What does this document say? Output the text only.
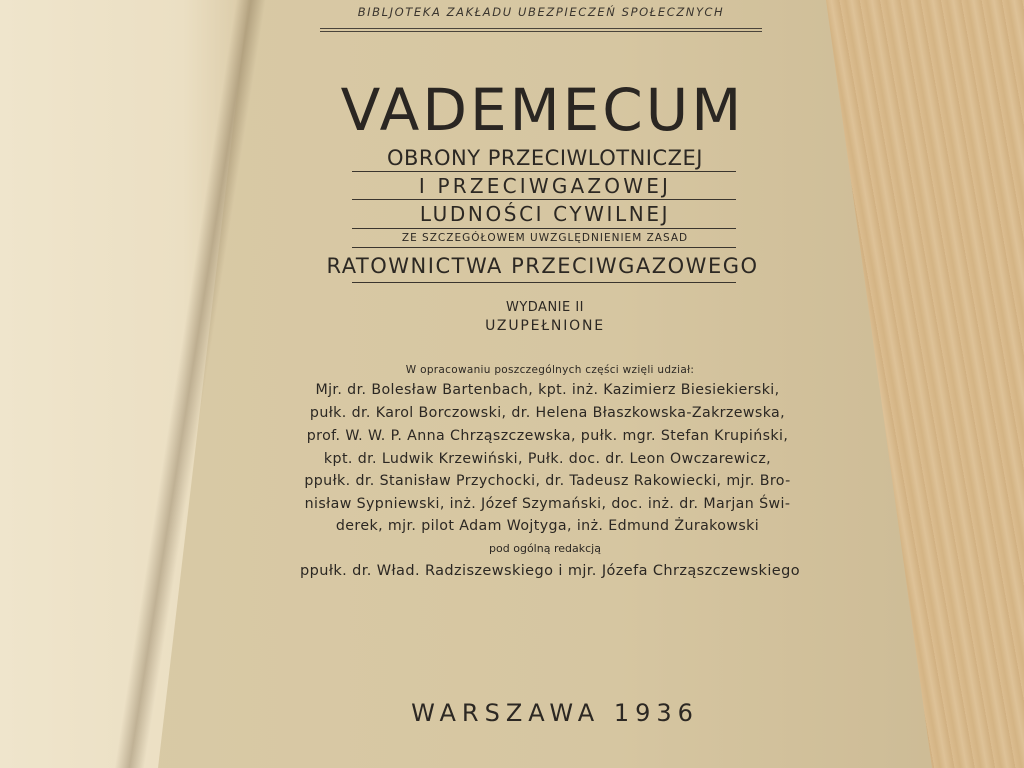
BIBLJOTEKA ZAKŁADU UBEZPIECZEŃ SPOŁECZNYCH
VADEMECUM
OBRONY PRZECIWLOTNICZEJ
I PRZECIWGAZOWEJ
LUDNOŚCI CYWILNEJ
ZE SZCZEGÓŁOWEM UWZGLĘDNIENIEM ZASAD
RATOWNICTWA PRZECIWGAZOWEGO
WYDANIE II
UZUPEŁNIONE
W opracowaniu poszczególnych części wzięli udział:
Mjr. dr. Bolesław Bartenbach, kpt. inż. Kazimierz Biesiekierski,
pułk. dr. Karol Borczowski, dr. Helena Błaszkowska-Zakrzewska,
prof. W. W. P. Anna Chrząszczewska, pułk. mgr. Stefan Krupiński,
kpt. dr. Ludwik Krzewiński, Pułk. doc. dr. Leon Owczarewicz,
ppułk. dr. Stanisław Przychocki, dr. Tadeusz Rakowiecki, mjr. Bro-
nisław Sypniewski, inż. Józef Szymański, doc. inż. dr. Marjan Świ-
derek, mjr. pilot Adam Wojtyga, inż. Edmund Żurakowski
pod ogólną redakcją
ppułk. dr. Wład. Radziszewskiego i mjr. Józefa Chrząszczewskiego
WARSZAWA 1936
